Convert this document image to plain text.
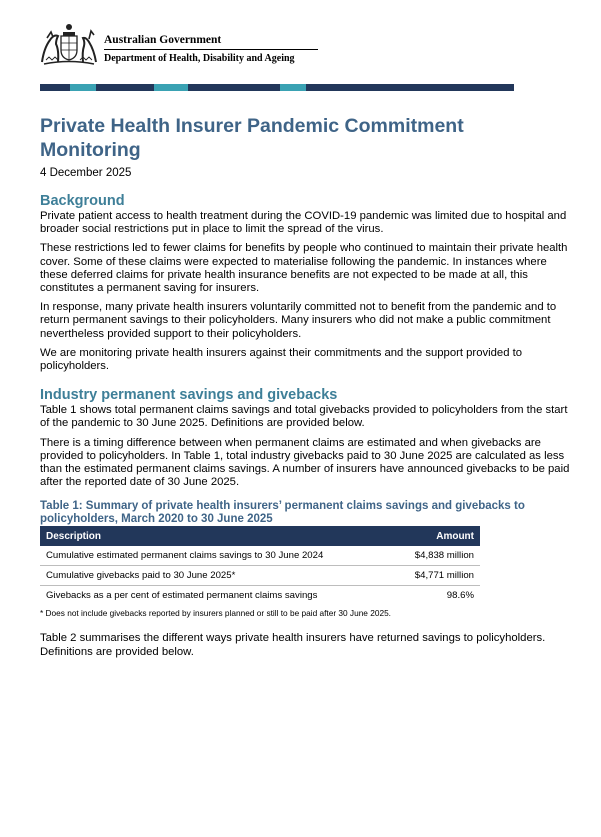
Australian Government
Department of Health, Disability and Ageing
Private Health Insurer Pandemic Commitment Monitoring
4 December 2025
Background

Private patient access to health treatment during the COVID-19 pandemic was limited due to hospital and broader social restrictions put in place to limit the spread of the virus.

These restrictions led to fewer claims for benefits by people who continued to maintain their private health cover. Some of these claims were expected to materialise following the pandemic. In instances where these deferred claims for private health insurance benefits are not expected to be made at all, this constitutes a permanent saving for insurers.

In response, many private health insurers voluntarily committed not to benefit from the pandemic and to return permanent savings to their policyholders. Many insurers who did not make a public commitment nevertheless provided support to their policyholders.

We are monitoring private health insurers against their commitments and the support provided to policyholders.

Industry permanent savings and givebacks

Table 1 shows total permanent claims savings and total givebacks provided to policyholders from the start of the pandemic to 30 June 2025. Definitions are provided below.

There is a timing difference between when permanent claims are estimated and when givebacks are provided to policyholders. In Table 1, total industry givebacks paid to 30 June 2025 are calculated as less than the estimated permanent claims savings. A number of insurers have announced givebacks to be paid after the reported date of 30 June 2025.

Table 1: Summary of private health insurers’ permanent claims savings and givebacks to policyholders, March 2020 to 30 June 2025
Description	Amount
Cumulative estimated permanent claims savings to 30 June 2024	$4,838 million
Cumulative givebacks paid to 30 June 2025*	$4,771 million
Givebacks as a per cent of estimated permanent claims savings	98.6%
* Does not include givebacks reported by insurers planned or still to be paid after 30 June 2025.

Table 2 summarises the different ways private health insurers have returned savings to policyholders. Definitions are provided below.
